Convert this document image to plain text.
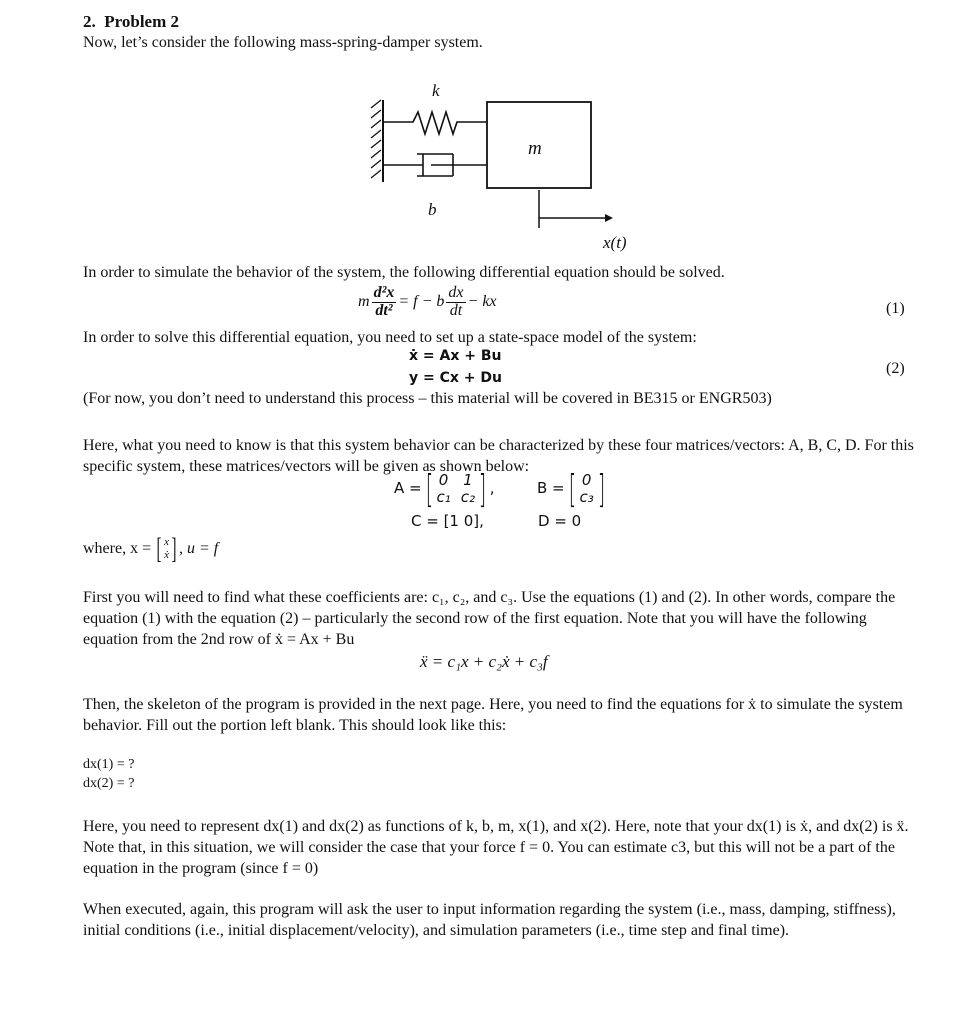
2. Problem 2
Now, let’s consider the following mass-spring-damper system.
k
b
m
x(t)
In order to simulate the behavior of the system, the following differential equation should be solved.
m $\frac{\text{d²x}}{\text{dt²}} = f - b \frac{dx}{dt}$ − kx	(1)
In order to solve this differential equation, you need to set up a state-space model of the system:
ẋ = Ax + Bu
y = Cx + Du
(2)
(For now, you don’t need to understand this process – this material will be covered in BE315 or ENGR503)
Here, what you need to know is that this system behavior can be characterized by these four matrices/vectors: A, B, C, D. For this specific system, these matrices/vectors will be given as shown below:
A = [ 0 1
c₁ c₂ ] ,	B = [ 0
c₃ ]
C = [1 0],	D = 0
where, x = [ x
ẋ ] , u = f
First you will need to find what these coefficients are: c₁, c₂, and c₃. Use the equations (1) and (2). In other words, compare the equation (1) with the equation (2) – particularly the second row of the first equation. Note that you will have the following equation from the 2nd row of ẋ = Ax + Bu
ẍ = c₁x + c₂ẋ + c₃f
Then, the skeleton of the program is provided in the next page. Here, you need to find the equations for ẋ to simulate the system behavior. Fill out the portion left blank. This should look like this:
dx(1) = ?
dx(2) = ?
Here, you need to represent dx(1) and dx(2) as functions of k, b, m, x(1), and x(2). Here, note that your dx(1) is ẋ, and dx(2) is ẍ. Note that, in this situation, we will consider the case that your force f = 0. You can estimate c3, but this will not be a part of the equation in the program (since f = 0)
When executed, again, this program will ask the user to input information regarding the system (i.e., mass, damping, stiffness), initial conditions (i.e., initial displacement/velocity), and simulation parameters (i.e., time step and final time).
